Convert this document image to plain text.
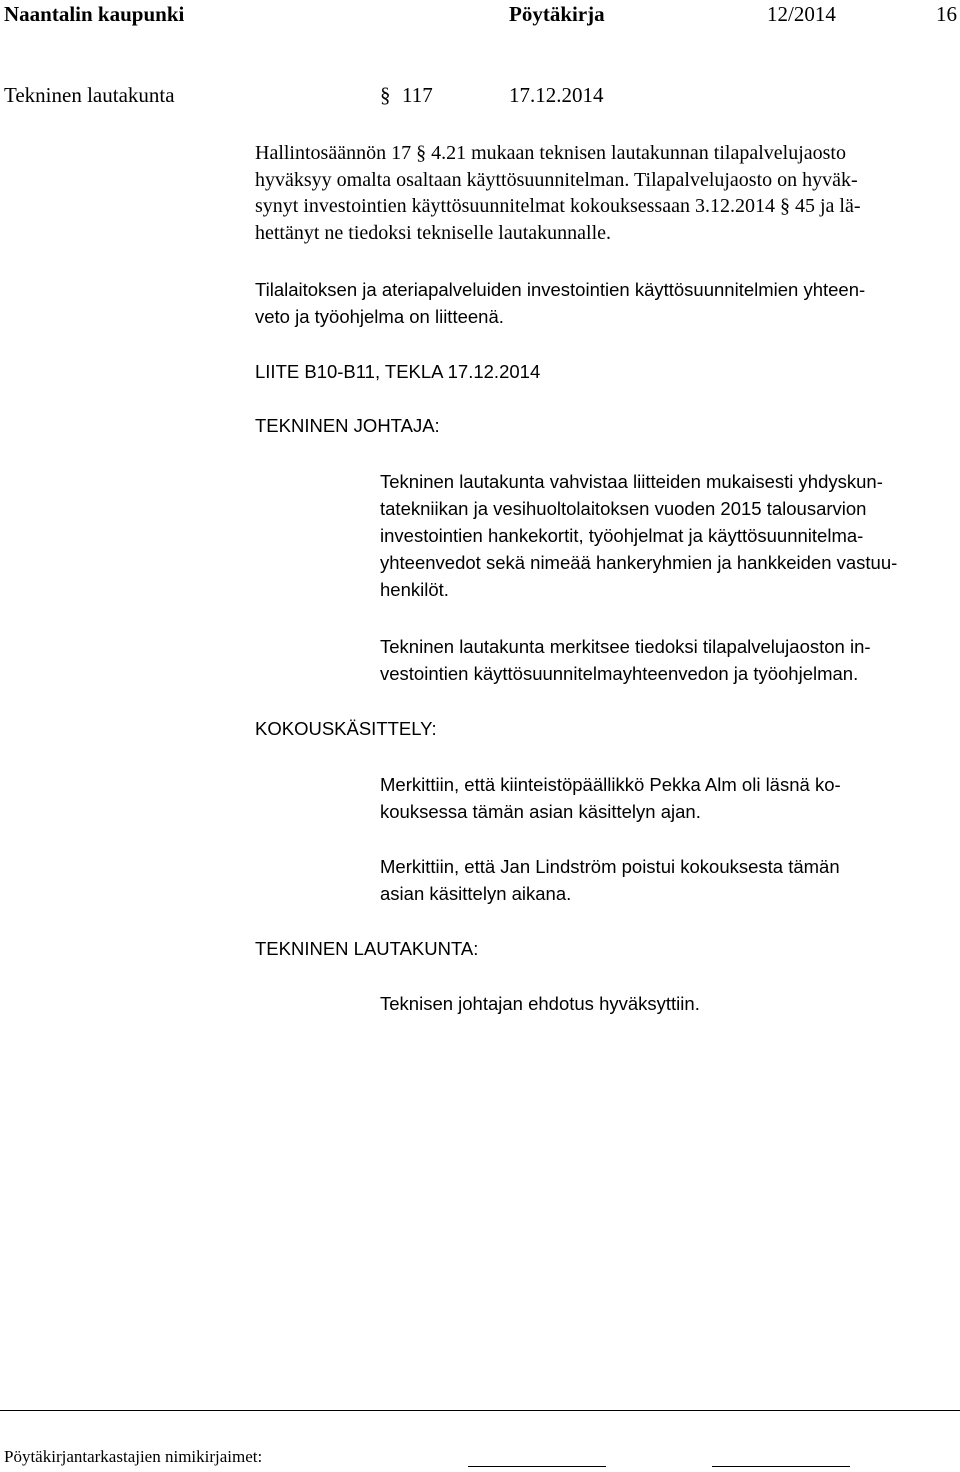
Naantalin kaupunki	Pöytäkirja	12/2014	16
Tekninen lautakunta	§ 117	17.12.2014
Hallintosäännön 17 § 4.21 mukaan teknisen lautakunnan tilapalvelujaosto
hyväksyy omalta osaltaan käyttösuunnitelman. Tilapalvelujaosto on hyväk-
synyt investointien käyttösuunnitelmat kokouksessaan 3.12.2014 § 45 ja lä-
hettänyt ne tiedoksi tekniselle lautakunnalle.
Tilalaitoksen ja ateriapalveluiden investointien käyttösuunnitelmien yhteen-
veto ja työohjelma on liitteenä.
LIITE B10-B11, TEKLA 17.12.2014
TEKNINEN JOHTAJA:
Tekninen lautakunta vahvistaa liitteiden mukaisesti yhdyskun-
tatekniikan ja vesihuoltolaitoksen vuoden 2015 talousarvion
investointien hankekortit, työohjelmat ja käyttösuunnitelma-
yhteenvedot sekä nimeää hankeryhmien ja hankkeiden vastuu-
henkilöt.
Tekninen lautakunta merkitsee tiedoksi tilapalvelujaoston in-
vestointien käyttösuunnitelmayhteenvedon ja työohjelman.
KOKOUSKÄSITTELY:
Merkittiin, että kiinteistöpäällikkö Pekka Alm oli läsnä ko-
kouksessa tämän asian käsittelyn ajan.
Merkittiin, että Jan Lindström poistui kokouksesta tämän
asian käsittelyn aikana.
TEKNINEN LAUTAKUNTA:
Teknisen johtajan ehdotus hyväksyttiin.
Pöytäkirjantarkastajien nimikirjaimet:
